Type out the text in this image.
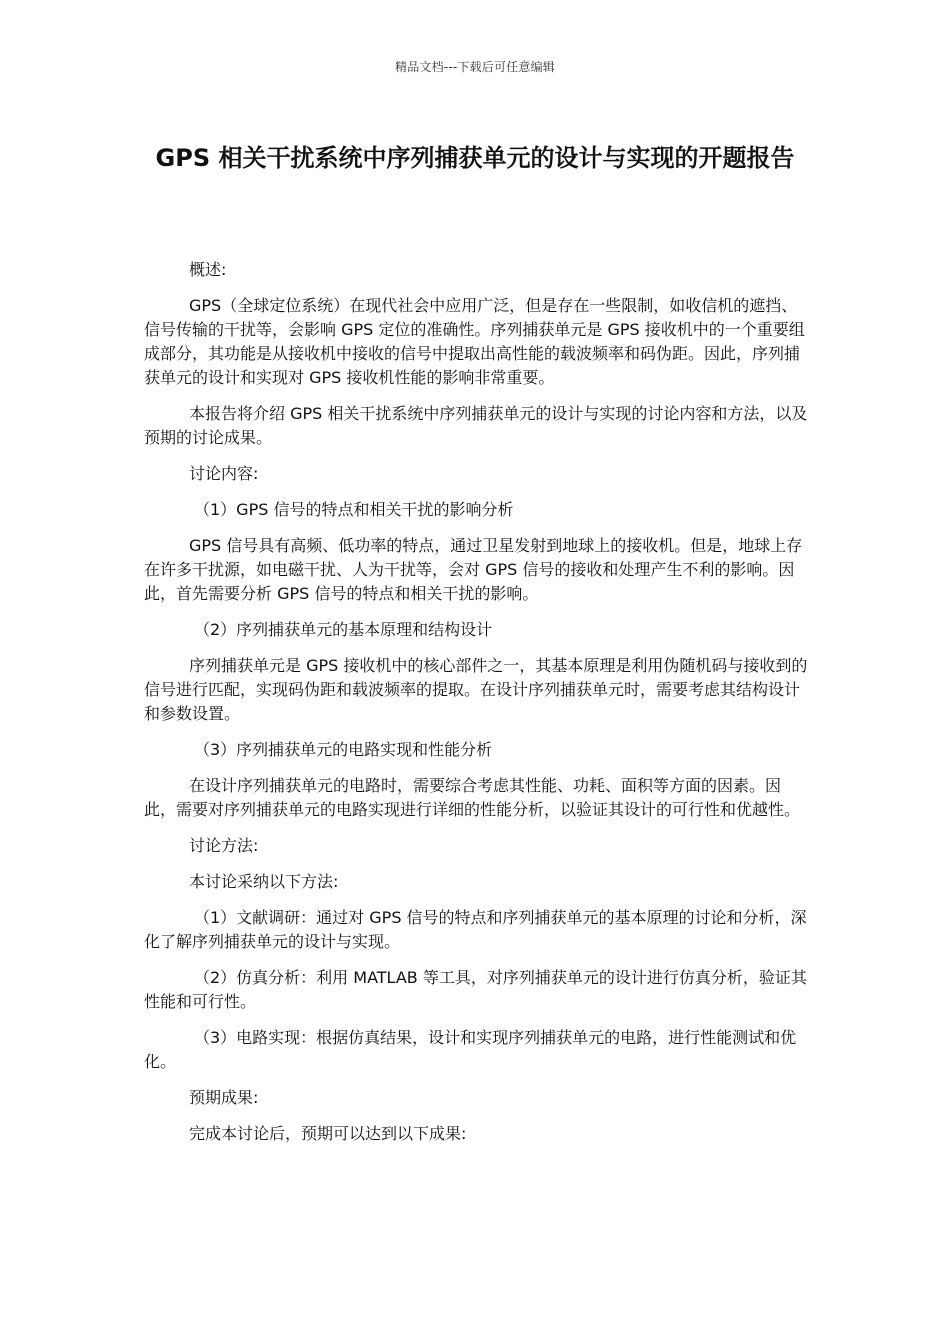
精品文档---下载后可任意编辑
GPS 相关干扰系统中序列捕获单元的设计与实现的开题报告

概述:

GPS（全球定位系统）在现代社会中应用广泛，但是存在一些限制，如收信机的遮挡、信号传输的干扰等，会影响 GPS 定位的准确性。序列捕获单元是 GPS 接收机中的一个重要组成部分，其功能是从接收机中接收的信号中提取出高性能的载波频率和码伪距。因此，序列捕获单元的设计和实现对 GPS 接收机性能的影响非常重要。

本报告将介绍 GPS 相关干扰系统中序列捕获单元的设计与实现的讨论内容和方法，以及预期的讨论成果。

讨论内容:

（1）GPS 信号的特点和相关干扰的影响分析

GPS 信号具有高频、低功率的特点，通过卫星发射到地球上的接收机。但是，地球上存在许多干扰源，如电磁干扰、人为干扰等，会对 GPS 信号的接收和处理产生不利的影响。因此，首先需要分析 GPS 信号的特点和相关干扰的影响。

（2）序列捕获单元的基本原理和结构设计

序列捕获单元是 GPS 接收机中的核心部件之一，其基本原理是利用伪随机码与接收到的信号进行匹配，实现码伪距和载波频率的提取。在设计序列捕获单元时，需要考虑其结构设计和参数设置。

（3）序列捕获单元的电路实现和性能分析

在设计序列捕获单元的电路时，需要综合考虑其性能、功耗、面积等方面的因素。因此，需要对序列捕获单元的电路实现进行详细的性能分析，以验证其设计的可行性和优越性。

讨论方法:

本讨论采纳以下方法:

（1）文献调研：通过对 GPS 信号的特点和序列捕获单元的基本原理的讨论和分析，深化了解序列捕获单元的设计与实现。

（2）仿真分析：利用 MATLAB 等工具，对序列捕获单元的设计进行仿真分析，验证其性能和可行性。

（3）电路实现：根据仿真结果，设计和实现序列捕获单元的电路，进行性能测试和优化。

预期成果:

完成本讨论后，预期可以达到以下成果:
